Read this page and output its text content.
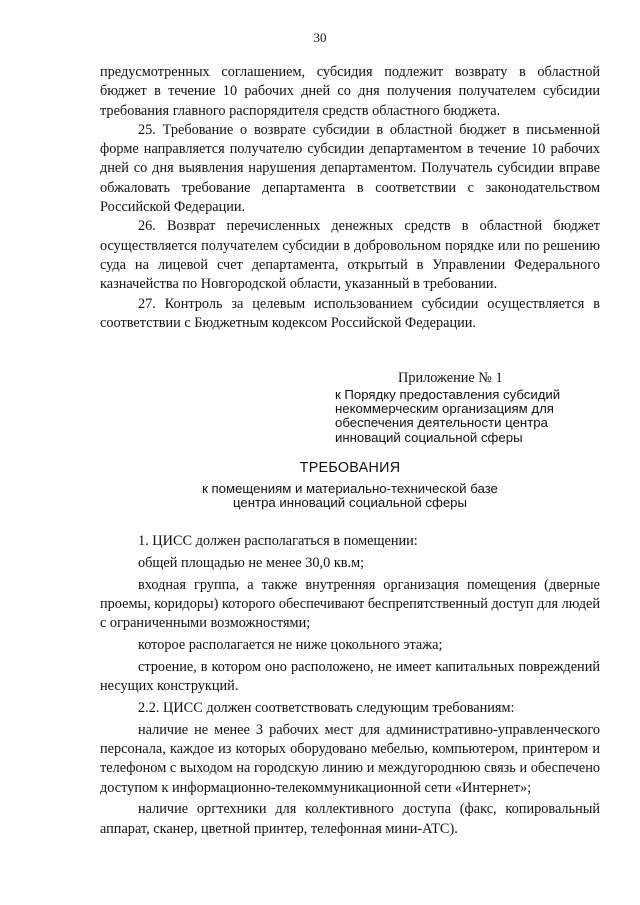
30

предусмотренных соглашением, субсидия подлежит возврату в областной бюджет в течение 10 рабочих дней со дня получения получателем субсидии требования главного распорядителя средств областного бюджета.

25. Требование о возврате субсидии в областной бюджет в письменной форме направляется получателю субсидии департаментом в течение 10 рабочих дней со дня выявления нарушения департаментом. Получатель субсидии вправе обжаловать требование департамента в соответствии с законодательством Российской Федерации.

26. Возврат перечисленных денежных средств в областной бюджет осуществляется получателем субсидии в добровольном порядке или по решению суда на лицевой счет департамента, открытый в Управлении Федерального казначейства по Новгородской области, указанный в требовании.

27. Контроль за целевым использованием субсидии осуществляется в соответствии с Бюджетным кодексом Российской Федерации.

Приложение № 1
к Порядку предоставления субсидий
некоммерческим организациям для
обеспечения деятельности центра
инноваций социальной сферы
ТРЕБОВАНИЯ
к помещениям и материально-технической базе
центра инноваций социальной сферы

1. ЦИСС должен располагаться в помещении:

общей площадью не менее 30,0 кв.м;

входная группа, а также внутренняя организация помещения (дверные проемы, коридоры) которого обеспечивают беспрепятственный доступ для людей с ограниченными возможностями;

которое располагается не ниже цокольного этажа;

строение, в котором оно расположено, не имеет капитальных повреждений несущих конструкций.

2.2. ЦИСС должен соответствовать следующим требованиям:

наличие не менее 3 рабочих мест для административно-управленческого персонала, каждое из которых оборудовано мебелью, компьютером, принтером и телефоном с выходом на городскую линию и междугороднюю связь и обеспечено доступом к информационно-телекоммуникационной сети «Интернет»;

наличие оргтехники для коллективного доступа (факс, копировальный аппарат, сканер, цветной принтер, телефонная мини-АТС).
